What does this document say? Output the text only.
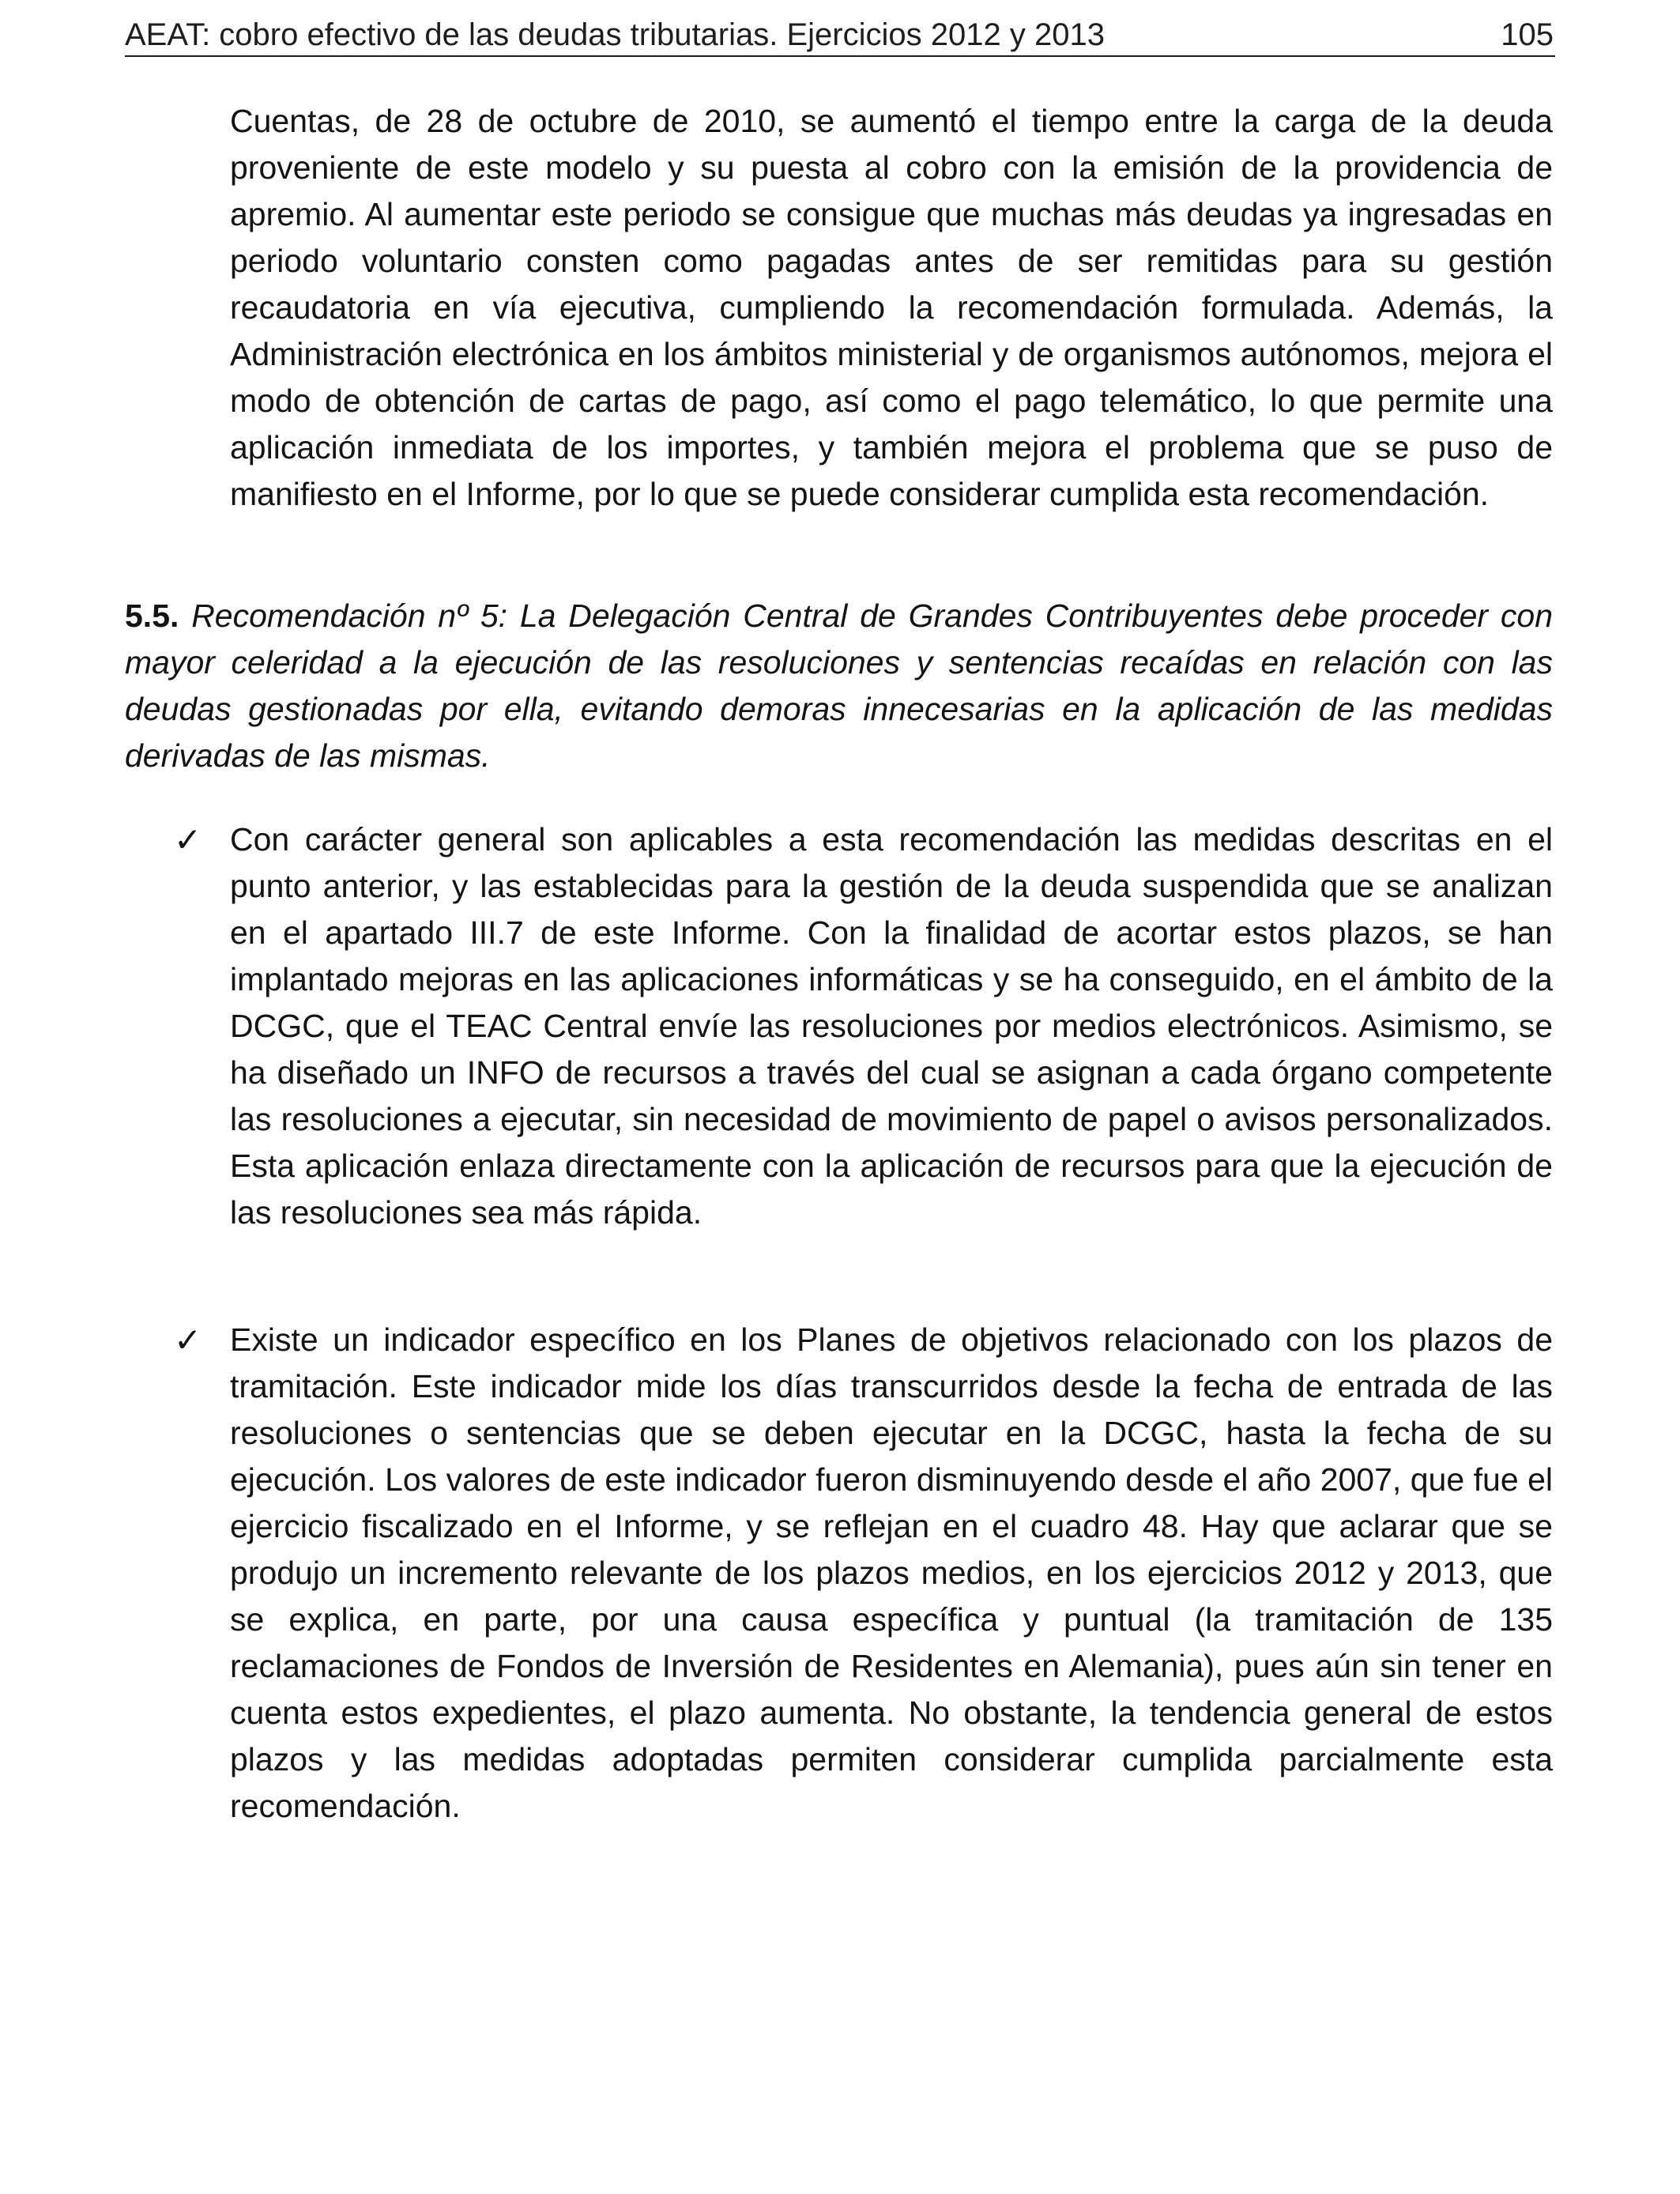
AEAT: cobro efectivo de las deudas tributarias. Ejercicios 2012 y 2013	105

Cuentas, de 28 de octubre de 2010, se aumentó el tiempo entre la carga de la deuda proveniente de este modelo y su puesta al cobro con la emisión de la providencia de apremio. Al aumentar este periodo se consigue que muchas más deudas ya ingresadas en periodo voluntario consten como pagadas antes de ser remitidas para su gestión recaudatoria en vía ejecutiva, cumpliendo la recomendación formulada. Además, la Administración electrónica en los ámbitos ministerial y de organismos autónomos, mejora el modo de obtención de cartas de pago, así como el pago telemático, lo que permite una aplicación inmediata de los importes, y también mejora el problema que se puso de manifiesto en el Informe, por lo que se puede considerar cumplida esta recomendación.

5.5. Recomendación nº 5: La Delegación Central de Grandes Contribuyentes debe proceder con mayor celeridad a la ejecución de las resoluciones y sentencias recaídas en relación con las deudas gestionadas por ella, evitando demoras innecesarias en la aplicación de las medidas derivadas de las mismas.

✓ Con carácter general son aplicables a esta recomendación las medidas descritas en el punto anterior, y las establecidas para la gestión de la deuda suspendida que se analizan en el apartado III.7 de este Informe. Con la finalidad de acortar estos plazos, se han implantado mejoras en las aplicaciones informáticas y se ha conseguido, en el ámbito de la DCGC, que el TEAC Central envíe las resoluciones por medios electrónicos. Asimismo, se ha diseñado un INFO de recursos a través del cual se asignan a cada órgano competente las resoluciones a ejecutar, sin necesidad de movimiento de papel o avisos personalizados. Esta aplicación enlaza directamente con la aplicación de recursos para que la ejecución de las resoluciones sea más rápida.

✓ Existe un indicador específico en los Planes de objetivos relacionado con los plazos de tramitación. Este indicador mide los días transcurridos desde la fecha de entrada de las resoluciones o sentencias que se deben ejecutar en la DCGC, hasta la fecha de su ejecución. Los valores de este indicador fueron disminuyendo desde el año 2007, que fue el ejercicio fiscalizado en el Informe, y se reflejan en el cuadro 48. Hay que aclarar que se produjo un incremento relevante de los plazos medios, en los ejercicios 2012 y 2013, que se explica, en parte, por una causa específica y puntual (la tramitación de 135 reclamaciones de Fondos de Inversión de Residentes en Alemania), pues aún sin tener en cuenta estos expedientes, el plazo aumenta. No obstante, la tendencia general de estos plazos y las medidas adoptadas permiten considerar cumplida parcialmente esta recomendación.
